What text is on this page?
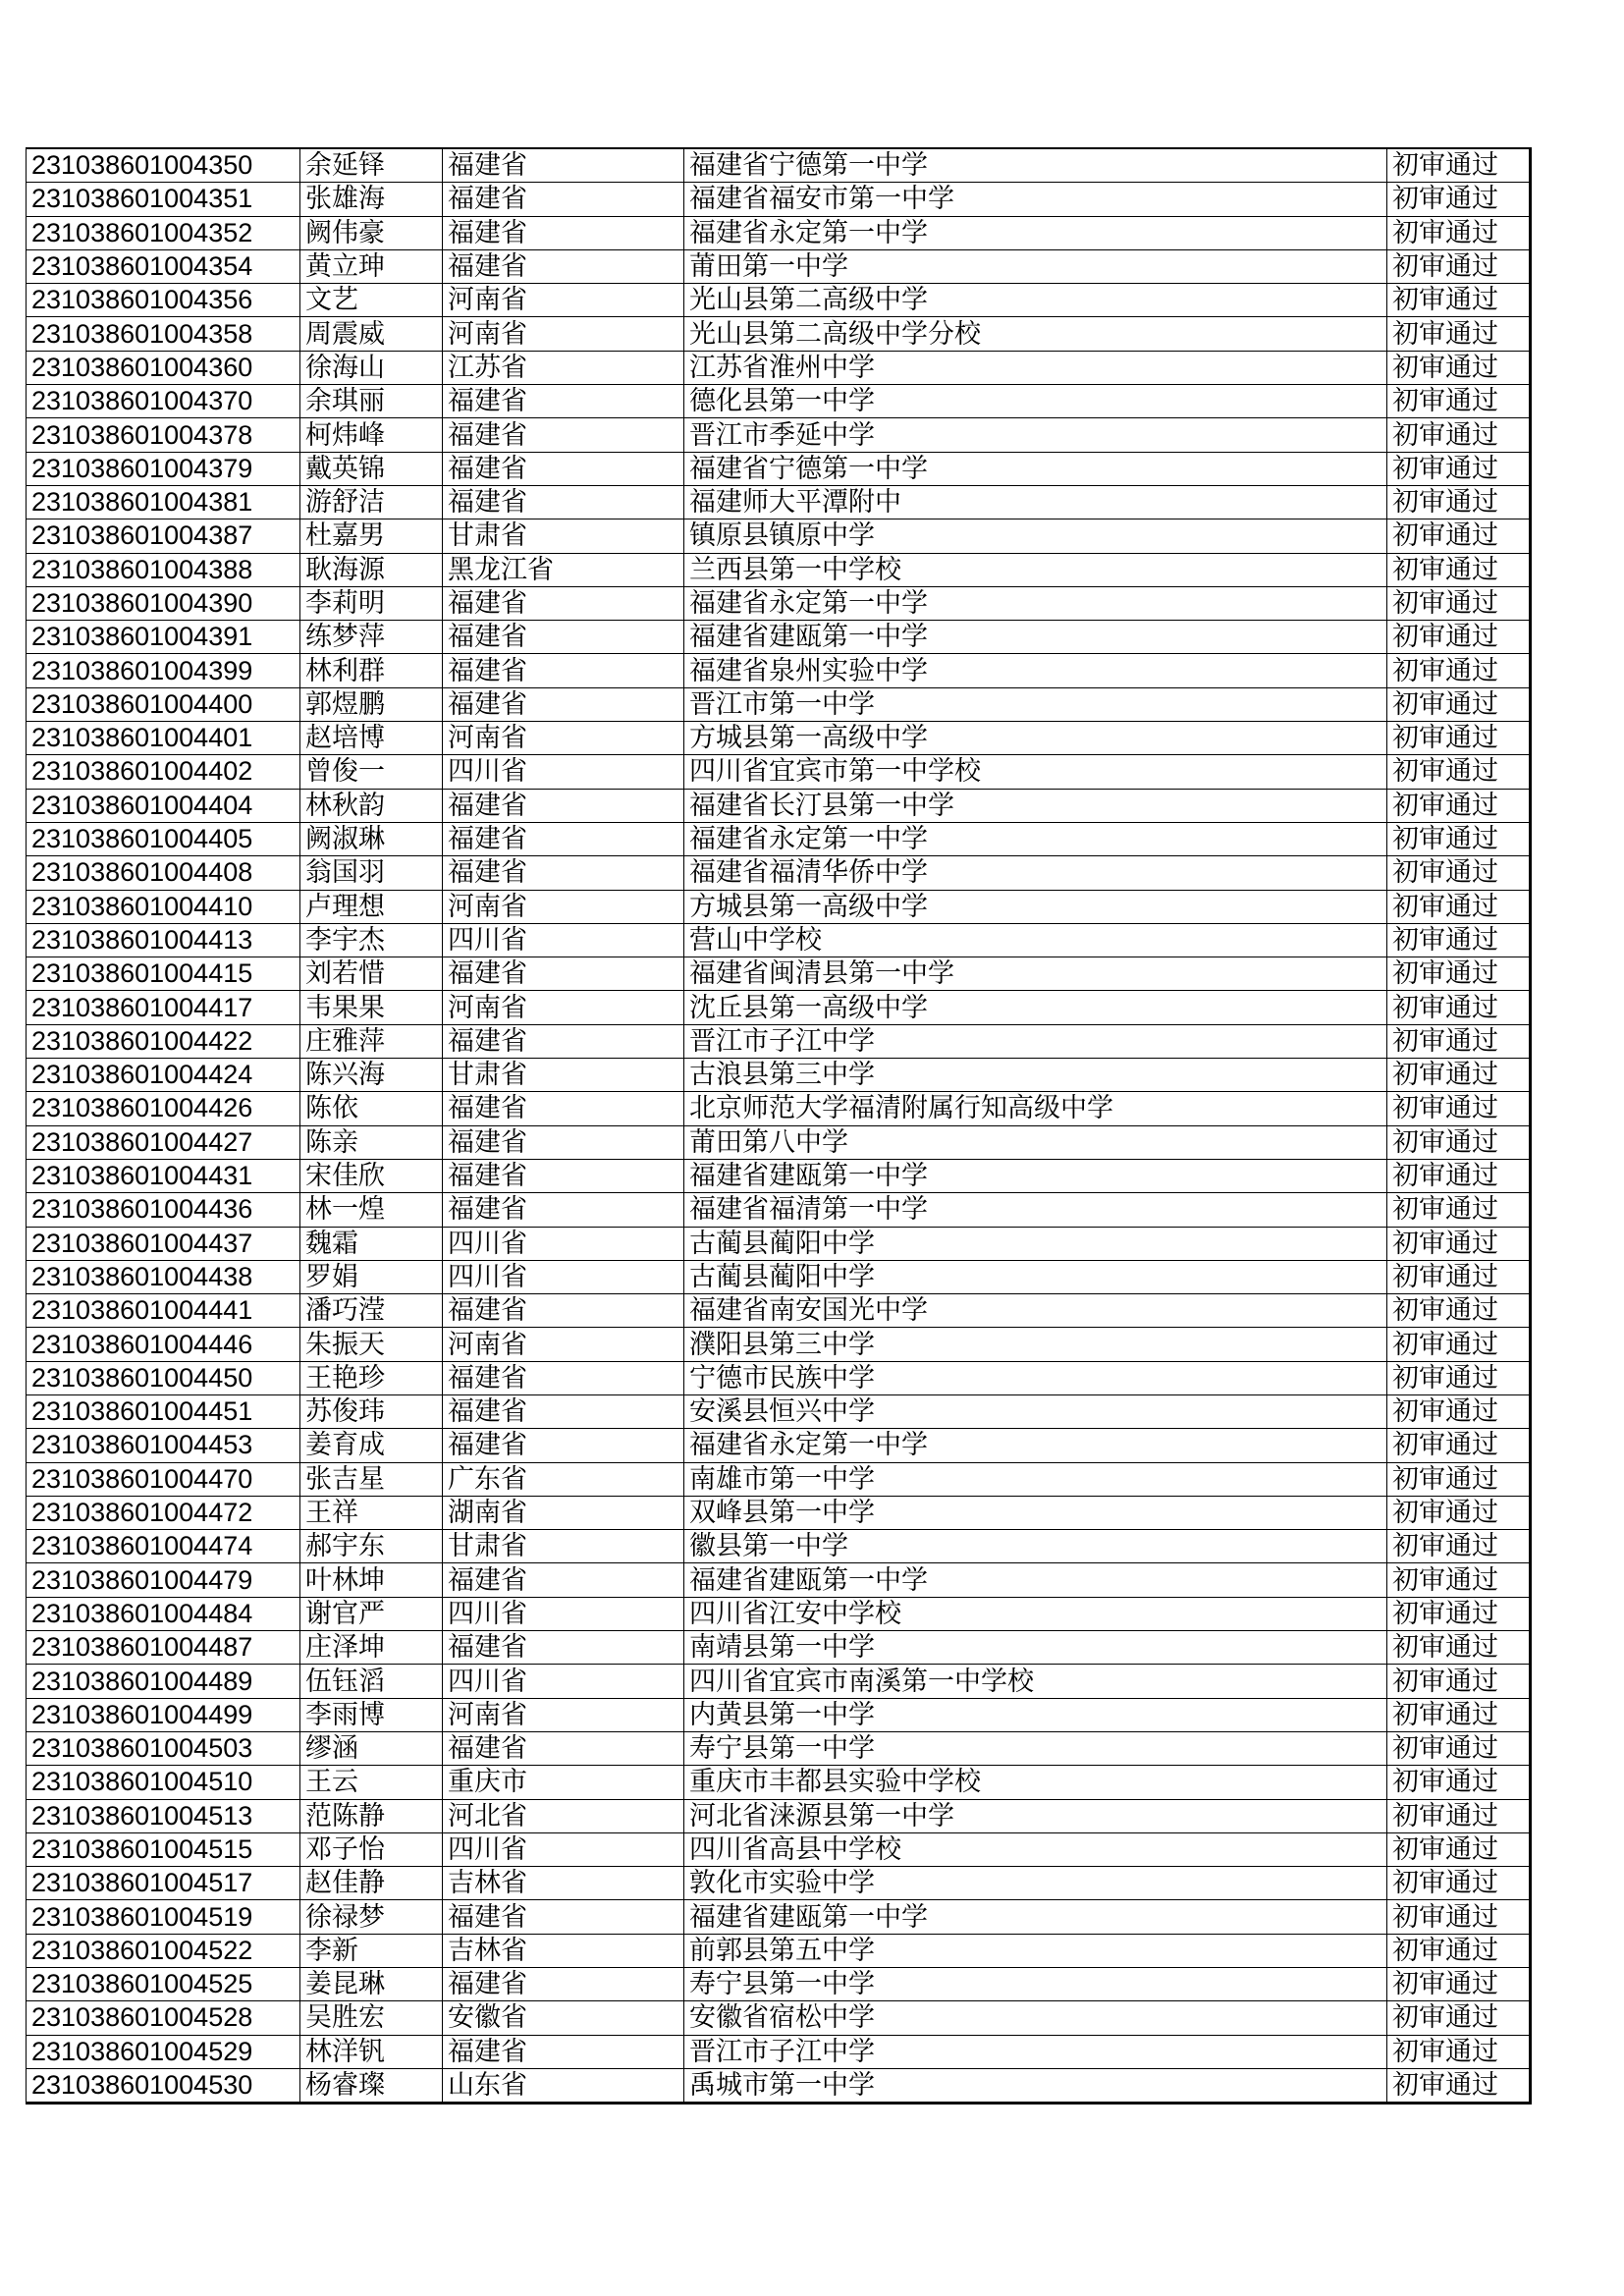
231038601004350	余延铎	福建省	福建省宁德第一中学	初审通过
231038601004351	张雄海	福建省	福建省福安市第一中学	初审通过
231038601004352	阙伟豪	福建省	福建省永定第一中学	初审通过
231038601004354	黄立珅	福建省	莆田第一中学	初审通过
231038601004356	文艺	河南省	光山县第二高级中学	初审通过
231038601004358	周震威	河南省	光山县第二高级中学分校	初审通过
231038601004360	徐海山	江苏省	江苏省淮州中学	初审通过
231038601004370	余琪丽	福建省	德化县第一中学	初审通过
231038601004378	柯炜峰	福建省	晋江市季延中学	初审通过
231038601004379	戴英锦	福建省	福建省宁德第一中学	初审通过
231038601004381	游舒洁	福建省	福建师大平潭附中	初审通过
231038601004387	杜嘉男	甘肃省	镇原县镇原中学	初审通过
231038601004388	耿海源	黑龙江省	兰西县第一中学校	初审通过
231038601004390	李莉明	福建省	福建省永定第一中学	初审通过
231038601004391	练梦萍	福建省	福建省建瓯第一中学	初审通过
231038601004399	林利群	福建省	福建省泉州实验中学	初审通过
231038601004400	郭煜鹏	福建省	晋江市第一中学	初审通过
231038601004401	赵培博	河南省	方城县第一高级中学	初审通过
231038601004402	曾俊一	四川省	四川省宜宾市第一中学校	初审通过
231038601004404	林秋韵	福建省	福建省长汀县第一中学	初审通过
231038601004405	阙淑琳	福建省	福建省永定第一中学	初审通过
231038601004408	翁国羽	福建省	福建省福清华侨中学	初审通过
231038601004410	卢理想	河南省	方城县第一高级中学	初审通过
231038601004413	李宇杰	四川省	营山中学校	初审通过
231038601004415	刘若惜	福建省	福建省闽清县第一中学	初审通过
231038601004417	韦果果	河南省	沈丘县第一高级中学	初审通过
231038601004422	庄雅萍	福建省	晋江市子江中学	初审通过
231038601004424	陈兴海	甘肃省	古浪县第三中学	初审通过
231038601004426	陈依	福建省	北京师范大学福清附属行知高级中学	初审通过
231038601004427	陈亲	福建省	莆田第八中学	初审通过
231038601004431	宋佳欣	福建省	福建省建瓯第一中学	初审通过
231038601004436	林一煌	福建省	福建省福清第一中学	初审通过
231038601004437	魏霜	四川省	古蔺县蔺阳中学	初审通过
231038601004438	罗娟	四川省	古蔺县蔺阳中学	初审通过
231038601004441	潘巧滢	福建省	福建省南安国光中学	初审通过
231038601004446	朱振天	河南省	濮阳县第三中学	初审通过
231038601004450	王艳珍	福建省	宁德市民族中学	初审通过
231038601004451	苏俊玮	福建省	安溪县恒兴中学	初审通过
231038601004453	姜育成	福建省	福建省永定第一中学	初审通过
231038601004470	张吉星	广东省	南雄市第一中学	初审通过
231038601004472	王祥	湖南省	双峰县第一中学	初审通过
231038601004474	郝宇东	甘肃省	徽县第一中学	初审通过
231038601004479	叶林坤	福建省	福建省建瓯第一中学	初审通过
231038601004484	谢官严	四川省	四川省江安中学校	初审通过
231038601004487	庄泽坤	福建省	南靖县第一中学	初审通过
231038601004489	伍钰滔	四川省	四川省宜宾市南溪第一中学校	初审通过
231038601004499	李雨博	河南省	内黄县第一中学	初审通过
231038601004503	缪涵	福建省	寿宁县第一中学	初审通过
231038601004510	王云	重庆市	重庆市丰都县实验中学校	初审通过
231038601004513	范陈静	河北省	河北省涞源县第一中学	初审通过
231038601004515	邓子怡	四川省	四川省高县中学校	初审通过
231038601004517	赵佳静	吉林省	敦化市实验中学	初审通过
231038601004519	徐禄梦	福建省	福建省建瓯第一中学	初审通过
231038601004522	李新	吉林省	前郭县第五中学	初审通过
231038601004525	姜昆琳	福建省	寿宁县第一中学	初审通过
231038601004528	吴胜宏	安徽省	安徽省宿松中学	初审通过
231038601004529	林洋钒	福建省	晋江市子江中学	初审通过
231038601004530	杨睿璨	山东省	禹城市第一中学	初审通过
